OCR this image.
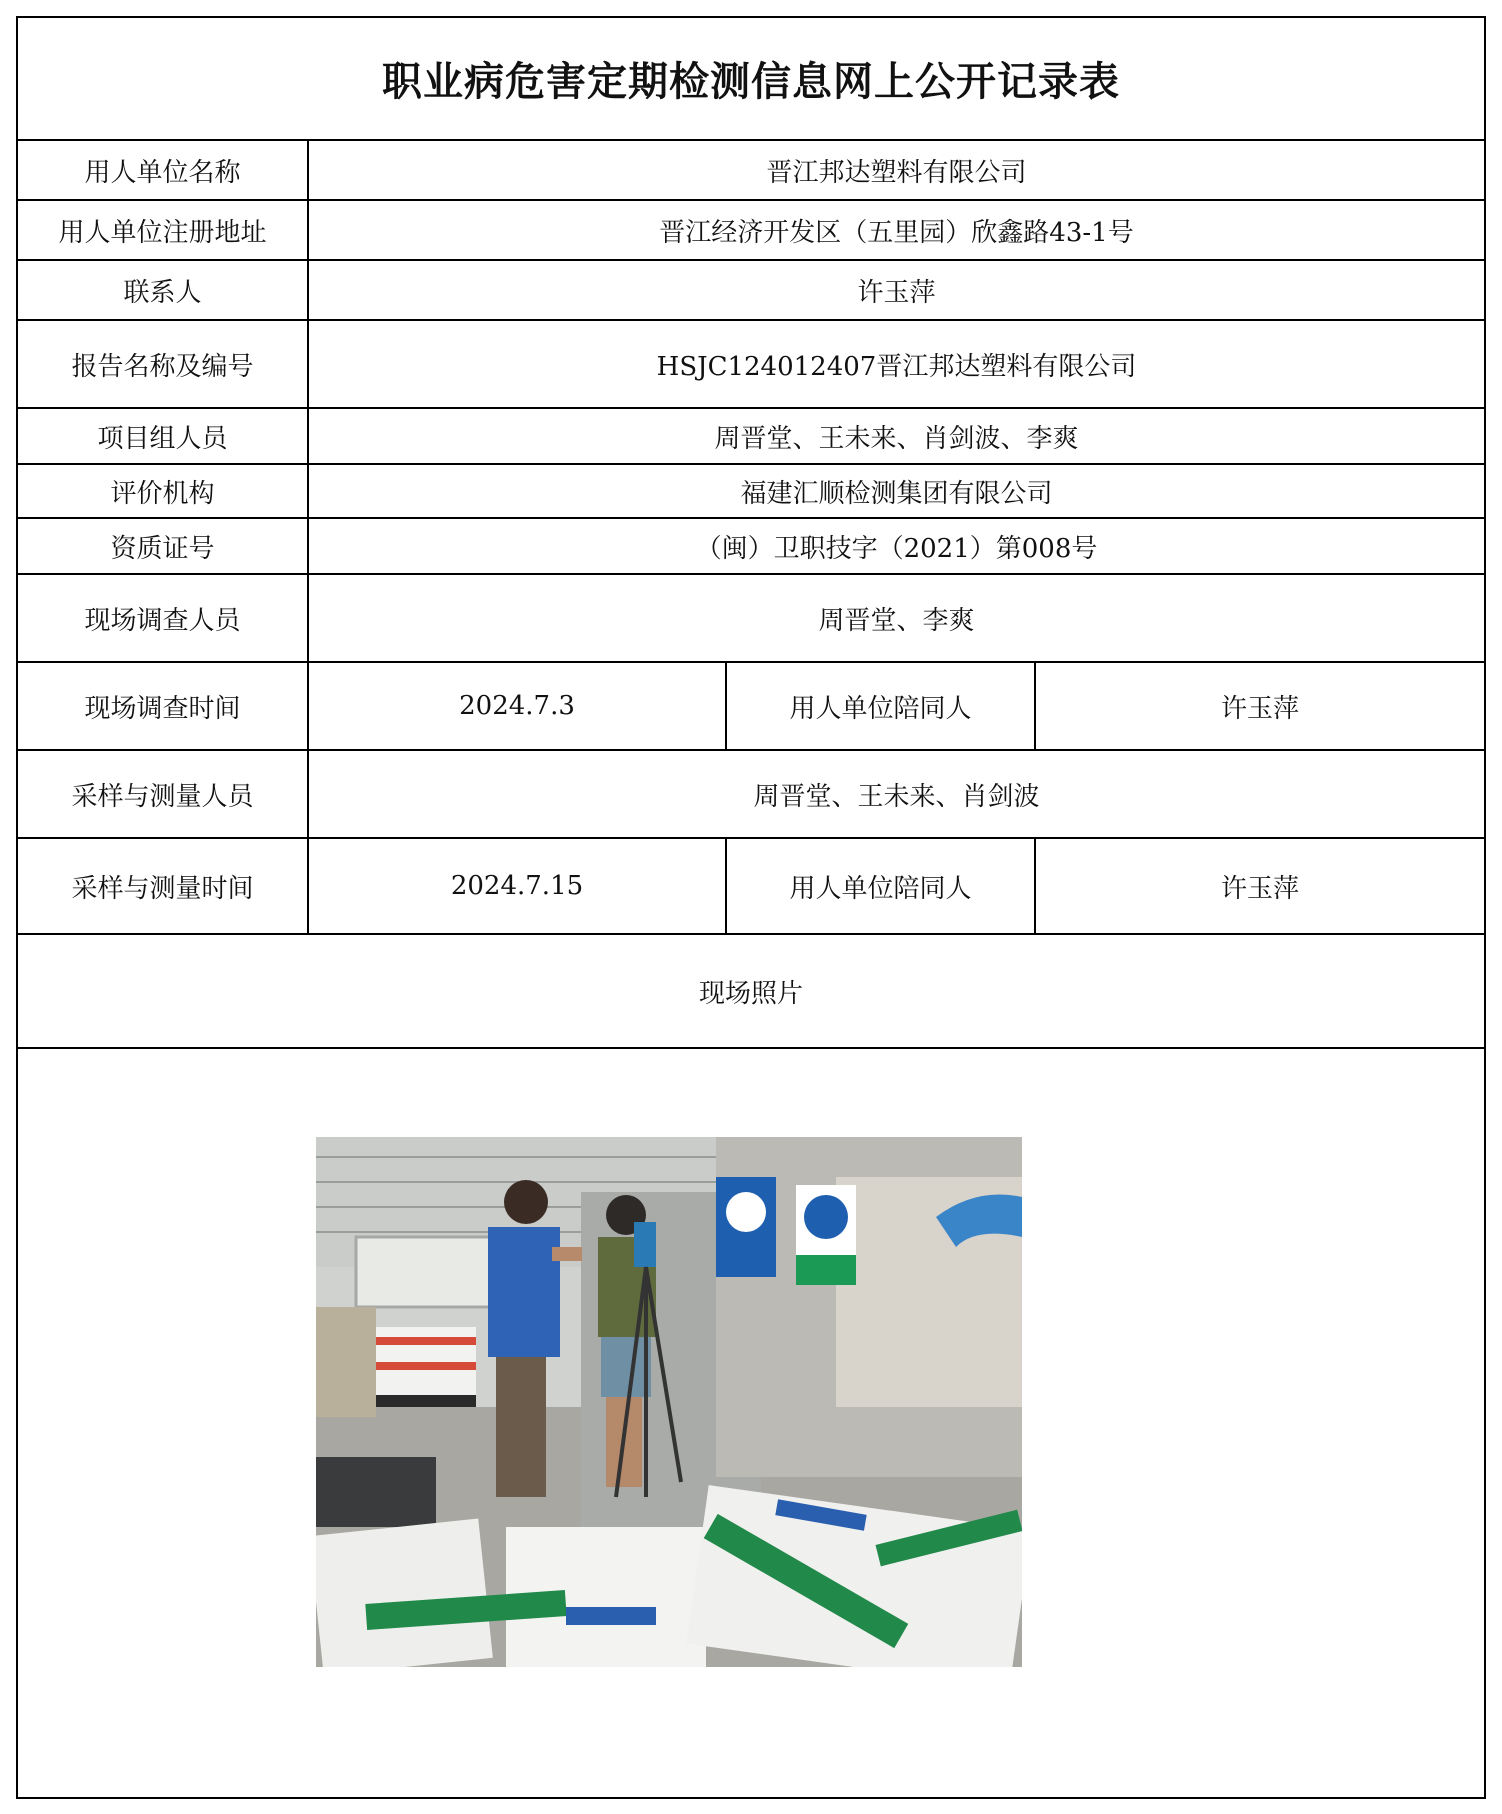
职业病危害定期检测信息网上公开记录表			
用人单位名称	晋江邦达塑料有限公司		
用人单位注册地址	晋江经济开发区（五里园）欣鑫路43-1号		
联系人	许玉萍		
报告名称及编号	HSJC124012407晋江邦达塑料有限公司		
项目组人员	周晋堂、王未来、肖剑波、李爽		
评价机构	福建汇顺检测集团有限公司		
资质证号	（闽）卫职技字（2021）第008号		
现场调查人员	周晋堂、李爽		
现场调查时间	2024.7.3	用人单位陪同人	许玉萍
采样与测量人员	周晋堂、王未来、肖剑波		
采样与测量时间	2024.7.15	用人单位陪同人	许玉萍
现场照片			
